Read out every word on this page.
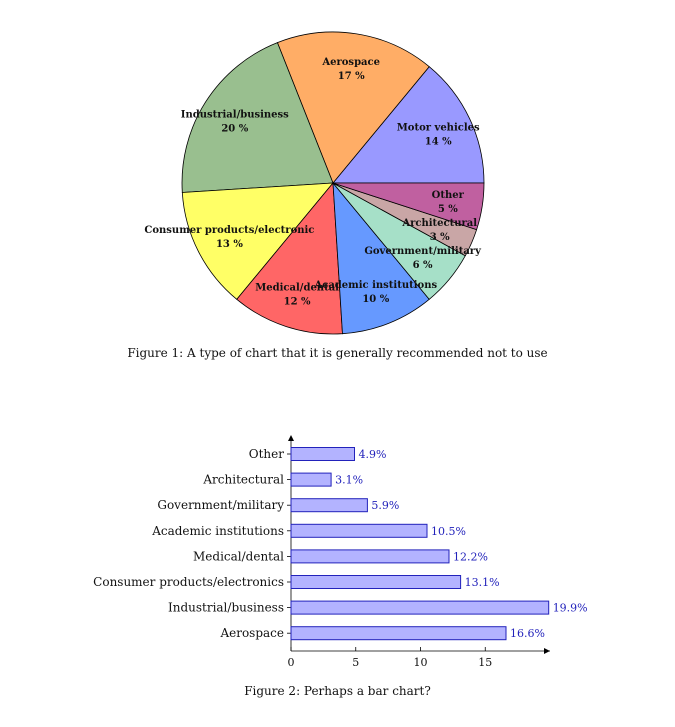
Motor vehicles
14 %
Aerospace
17 %
Industrial/business
20 %
Consumer products/electronic
13 %
Medical/dental
12 %
Academic institutions
10 %
Government/military
6 %
Architectural
3 %
Other
5 %
Figure 1: A type of chart that it is generally recommended not to use
0	5	10	15
Other	4.9%
Architectural	3.1%
Government/military	5.9%
Academic institutions	10.5%
Medical/dental	12.2%
Consumer products/electronics	13.1%
Industrial/business	19.9%
Aerospace	16.6%
Figure 2: Perhaps a bar chart?
